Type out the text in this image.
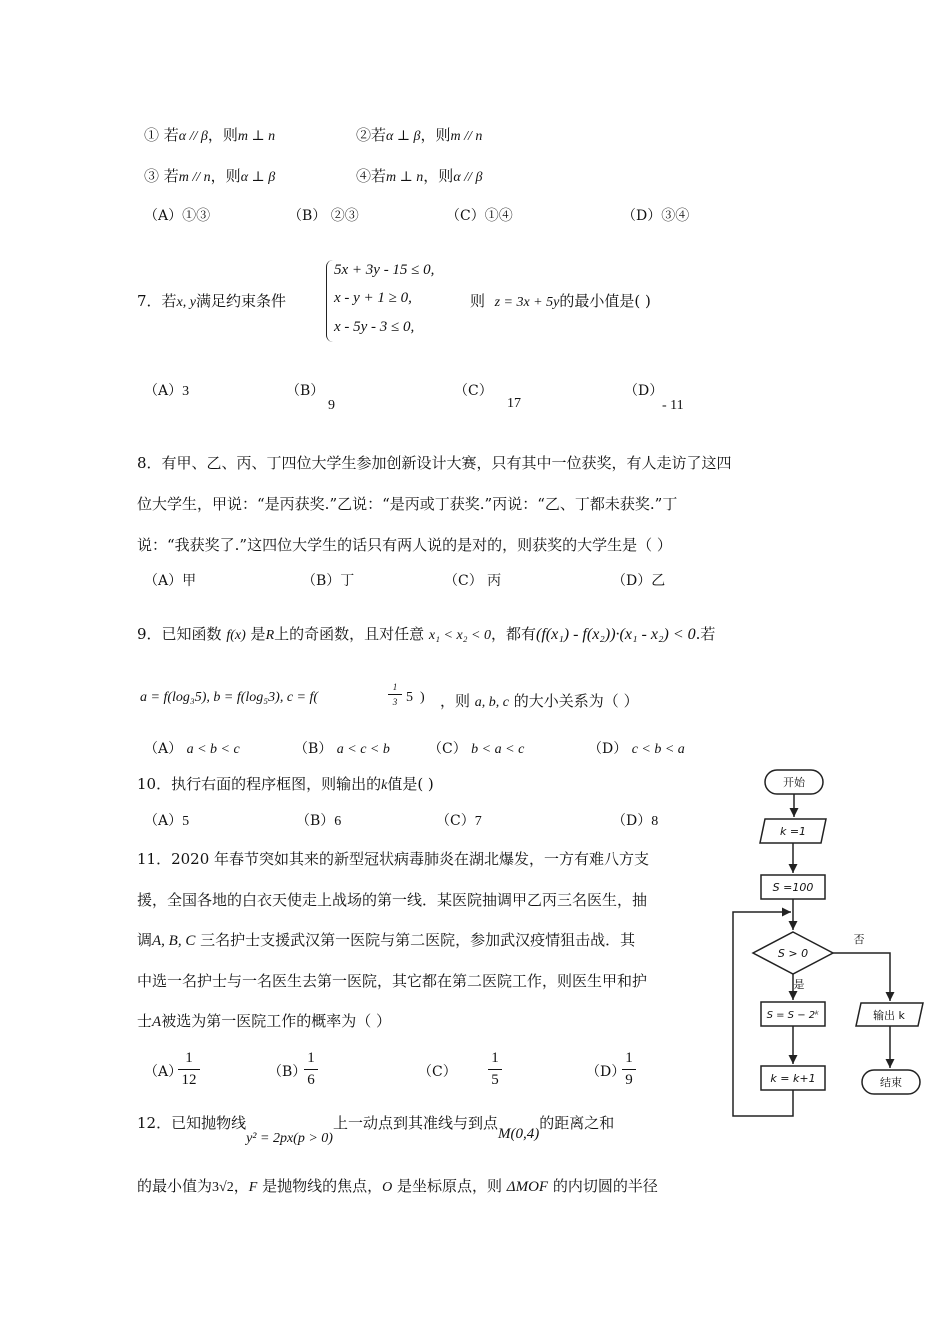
① 若α // β，则m ⊥ n	②若α ⊥ β，则m // n
③ 若m // n，则α ⊥ β	④若m ⊥ n，则α // β
（A）①③	（B） ②③	（C）①④	（D）③④
7．若x, y满足约束条件
5x + 3y - 15 ≤ 0,
x - y + 1 ≥ 0,
x - 5y - 3 ≤ 0,
则 z = 3x + 5y的最小值是( )
（A）3	（B）
9
（C）
17
（D）
- 11
8．有甲、乙、丙、丁四位大学生参加创新设计大赛，只有其中一位获奖，有人走访了这四
位大学生，甲说：“是丙获奖.”乙说：“是丙或丁获奖.”丙说：“乙、丁都未获奖.”丁
说：“我获奖了.”这四位大学生的话只有两人说的是对的，则获奖的大学生是（ ）
（A）甲	（B）丁	（C） 丙	（D）乙
9．已知函数 f(x) 是R上的奇函数，且对任意 x₁ < x₂ < 0，都有(f(x₁) - f(x₂))·(x₁ - x₂) < 0.若
a = f(log₃5), b = f(log₅3), c = f(
1
3 5 ) ，则 a, b, c 的大小关系为（ ）
（A） a < b < c	（B） a < c < b	（C） b < a < c	（D） c < b < a
10．执行右面的程序框图，则输出的k值是( )
（A）5	（B）6	（C）7	（D）8
11．2020 年春节突如其来的新型冠状病毒肺炎在湖北爆发，一方有难八方支
援，全国各地的白衣天使走上战场的第一线．某医院抽调甲乙丙三名医生，抽
调A, B, C 三名护士支援武汉第一医院与第二医院，参加武汉疫情狙击战．其
中选一名护士与一名医生去第一医院，其它都在第二医院工作，则医生甲和护
士A被选为第一医院工作的概率为（ ）
（A）
1
12	（B）
1
6	（C）
1
5	（D）
1
9
12．已知抛物线y² = 2px(p > 0)上一动点到其准线与到点M(0,4)的距离之和
的最小值为3√2，F 是抛物线的焦点，O 是坐标原点，则 ΔMOF 的内切圆的半径
开始
k =1
S =100
S > 0
否
是
S = S − 2ᵏ
k = k+1
输出 k
结束
